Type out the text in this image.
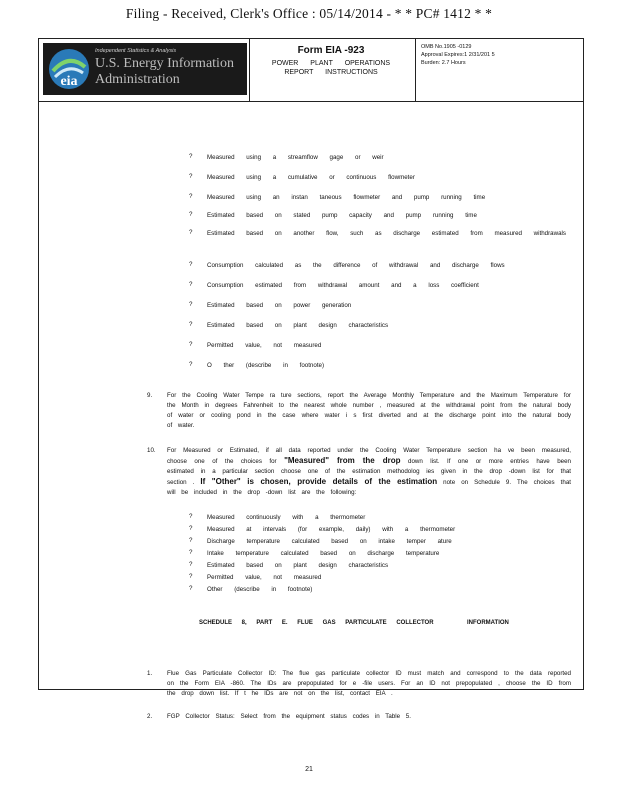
Filing - Received, Clerk's Office : 05/14/2014 - * * PC# 1412 * *
eia
Independent Statistics & Analysis
U.S. Energy Information
Administration
Form EIA -923
POWER PLANT OPERATIONS
REPORT INSTRUCTIONS
OMB No.1905 -0129
Approval Expires:1 2/31/201 5
Burden: 2.7 Hours
? Measured using a streamflow gage or weir
? Measured using a cumulative or continuous flowmeter
? Measured using an instan taneous flowmeter and pump running time
? Estimated based on stated pump capacity and pump running time
? Estimated based on another flow, such as discharge estimated from measured withdrawals
? Consumption calculated as the difference of withdrawal and discharge flows
? Consumption estimated from withdrawal amount and a loss coefficient
? Estimated based on power generation
? Estimated based on plant design characteristics
? Permitted value, not measured
? O ther (describe in footnote)
9. For the Cooling Water Tempe ra ture sections, report the Average Monthly Temperature and the Maximum Temperature for the Month in degrees Fahrenheit to the nearest whole number , measured at the withdrawal point from the natural body of water or cooling pond in the case where water i s first diverted and at the discharge point into the natural body of water.
10. For Measured or Estimated, if all data reported under the Cooling Water Temperature section ha ve been measured, choose one of the choices for "Measured" from the drop down list. If one or more entries have been estimated in a particular section choose one of the estimation methodolog ies given in the drop -down list for that section . If "Other" is chosen, provide details of the estimation note on Schedule 9. The choices that will be included in the drop -down list are the following:
? Measured continuously with a thermometer
? Measured at intervals (for example, daily) with a thermometer
? Discharge temperature calculated based on intake temper ature
? Intake temperature calculated based on discharge temperature
? Estimated based on plant design characteristics
? Permitted value, not measured
? Other (describe in footnote)
SCHEDULE 8, PART E. FLUE GAS PARTICULATE COLLECTOR	INFORMATION
1. Flue Gas Particulate Collector ID: The flue gas particulate collector ID must match and correspond to the data reported on the Form EIA -860. The IDs are prepopulated for e -file users. For an ID not prepopulated , choose the ID from the drop down list. If t he IDs are not on the list, contact EIA .
2. FGP Collector Status: Select from the equipment status codes in Table 5.
21
